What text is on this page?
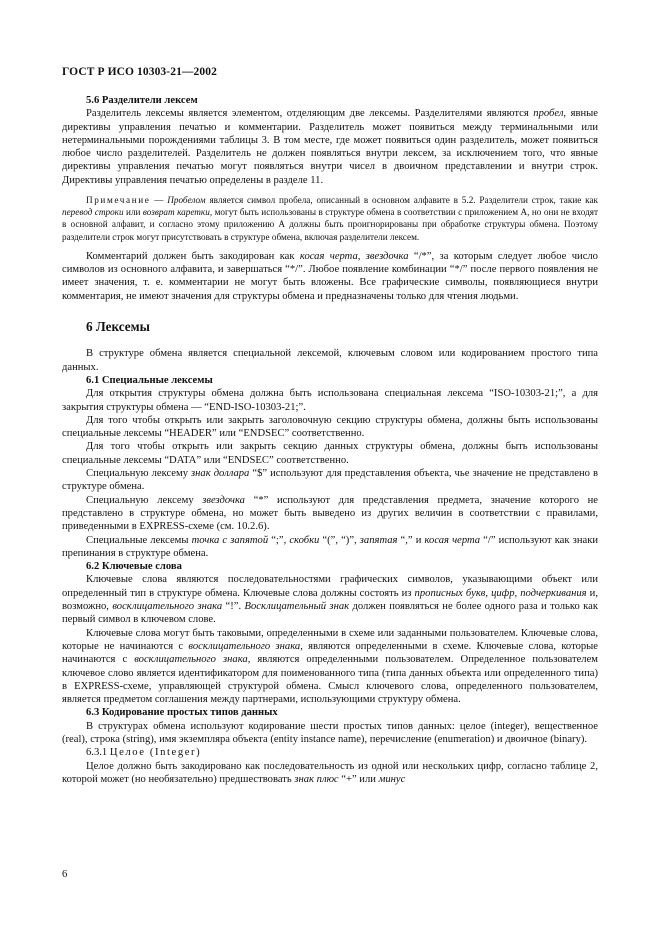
ГОСТ Р ИСО 10303-21—2002

5.6 Разделители лексем

Разделитель лексемы является элементом, отделяющим две лексемы. Разделителями являются пробел, явные директивы управления печатью и комментарии. Разделитель может появиться между терминальными или нетерминальными порождениями таблицы 3. В том месте, где может появиться один разделитель, может появиться любое число разделителей. Разделитель не должен появляться внутри лексем, за исключением того, что явные директивы управления печатью могут появляться внутри чисел в двоичном представлении и внутри строк. Директивы управления печатью определены в разделе 11.

Примечание — Пробелом является символ пробела, описанный в основном алфавите в 5.2. Разделители строк, такие как перевод строки или возврат каретки, могут быть использованы в структуре обмена в соответствии с приложением А, но они не входят в основной алфавит, и согласно этому приложению А должны быть проигнорированы при обработке структуры обмена. Поэтому разделители строк могут присутствовать в структуре обмена, включая разделители лексем.

Комментарий должен быть закодирован как косая черта, звездочка “/*”, за которым следует любое число символов из основного алфавита, и завершаться “*/”. Любое появление комбинации “*/” после первого появления не имеет значения, т. е. комментарии не могут быть вложены. Все графические символы, появляющиеся внутри комментария, не имеют значения для структуры обмена и предназначены только для чтения людьми.

6 Лексемы

В структуре обмена является специальной лексемой, ключевым словом или кодированием простого типа данных.

6.1 Специальные лексемы

Для открытия структуры обмена должна быть использована специальная лексема “ISO-10303-21;”, а для закрытия структуры обмена — “END-ISO-10303-21;”.

Для того чтобы открыть или закрыть заголовочную секцию структуры обмена, должны быть использованы специальные лексемы “HEADER” или “ENDSEC” соответственно.

Для того чтобы открыть или закрыть секцию данных структуры обмена, должны быть использованы специальные лексемы “DATA” или “ENDSEC” соответственно.

Специальную лексему знак доллара “$” используют для представления объекта, чье значение не представлено в структуре обмена.

Специальную лексему звездочка “*” используют для представления предмета, значение которого не представлено в структуре обмена, но может быть выведено из других величин в соответствии с правилами, приведенными в EXPRESS-схеме (см. 10.2.6).

Специальные лексемы точка с запятой “;”, скобки “(”, “)”, запятая “,” и косая черта “/” используют как знаки препинания в структуре обмена.

6.2 Ключевые слова

Ключевые слова являются последовательностями графических символов, указывающими объект или определенный тип в структуре обмена. Ключевые слова должны состоять из прописных букв, цифр, подчеркивания и, возможно, восклицательного знака “!”. Восклицательный знак должен появляться не более одного раза и только как первый символ в ключевом слове.

Ключевые слова могут быть таковыми, определенными в схеме или заданными пользователем. Ключевые слова, которые не начинаются с восклицательного знака, являются определенными в схеме. Ключевые слова, которые начинаются с восклицательного знака, являются определенными пользователем. Определенное пользователем ключевое слово является идентификатором для поименованного типа (типа данных объекта или определенного типа) в EXPRESS-схеме, управляющей структурой обмена. Смысл ключевого слова, определенного пользователем, является предметом соглашения между партнерами, использующими структуру обмена.

6.3 Кодирование простых типов данных

В структурах обмена используют кодирование шести простых типов данных: целое (integer), вещественное (real), строка (string), имя экземпляра объекта (entity instance name), перечисление (enumeration) и двоичное (binary).

6.3.1 Целое (Integer)

Целое должно быть закодировано как последовательность из одной или нескольких цифр, согласно таблице 2, которой может (но необязательно) предшествовать знак плюс “+” или минус

6
